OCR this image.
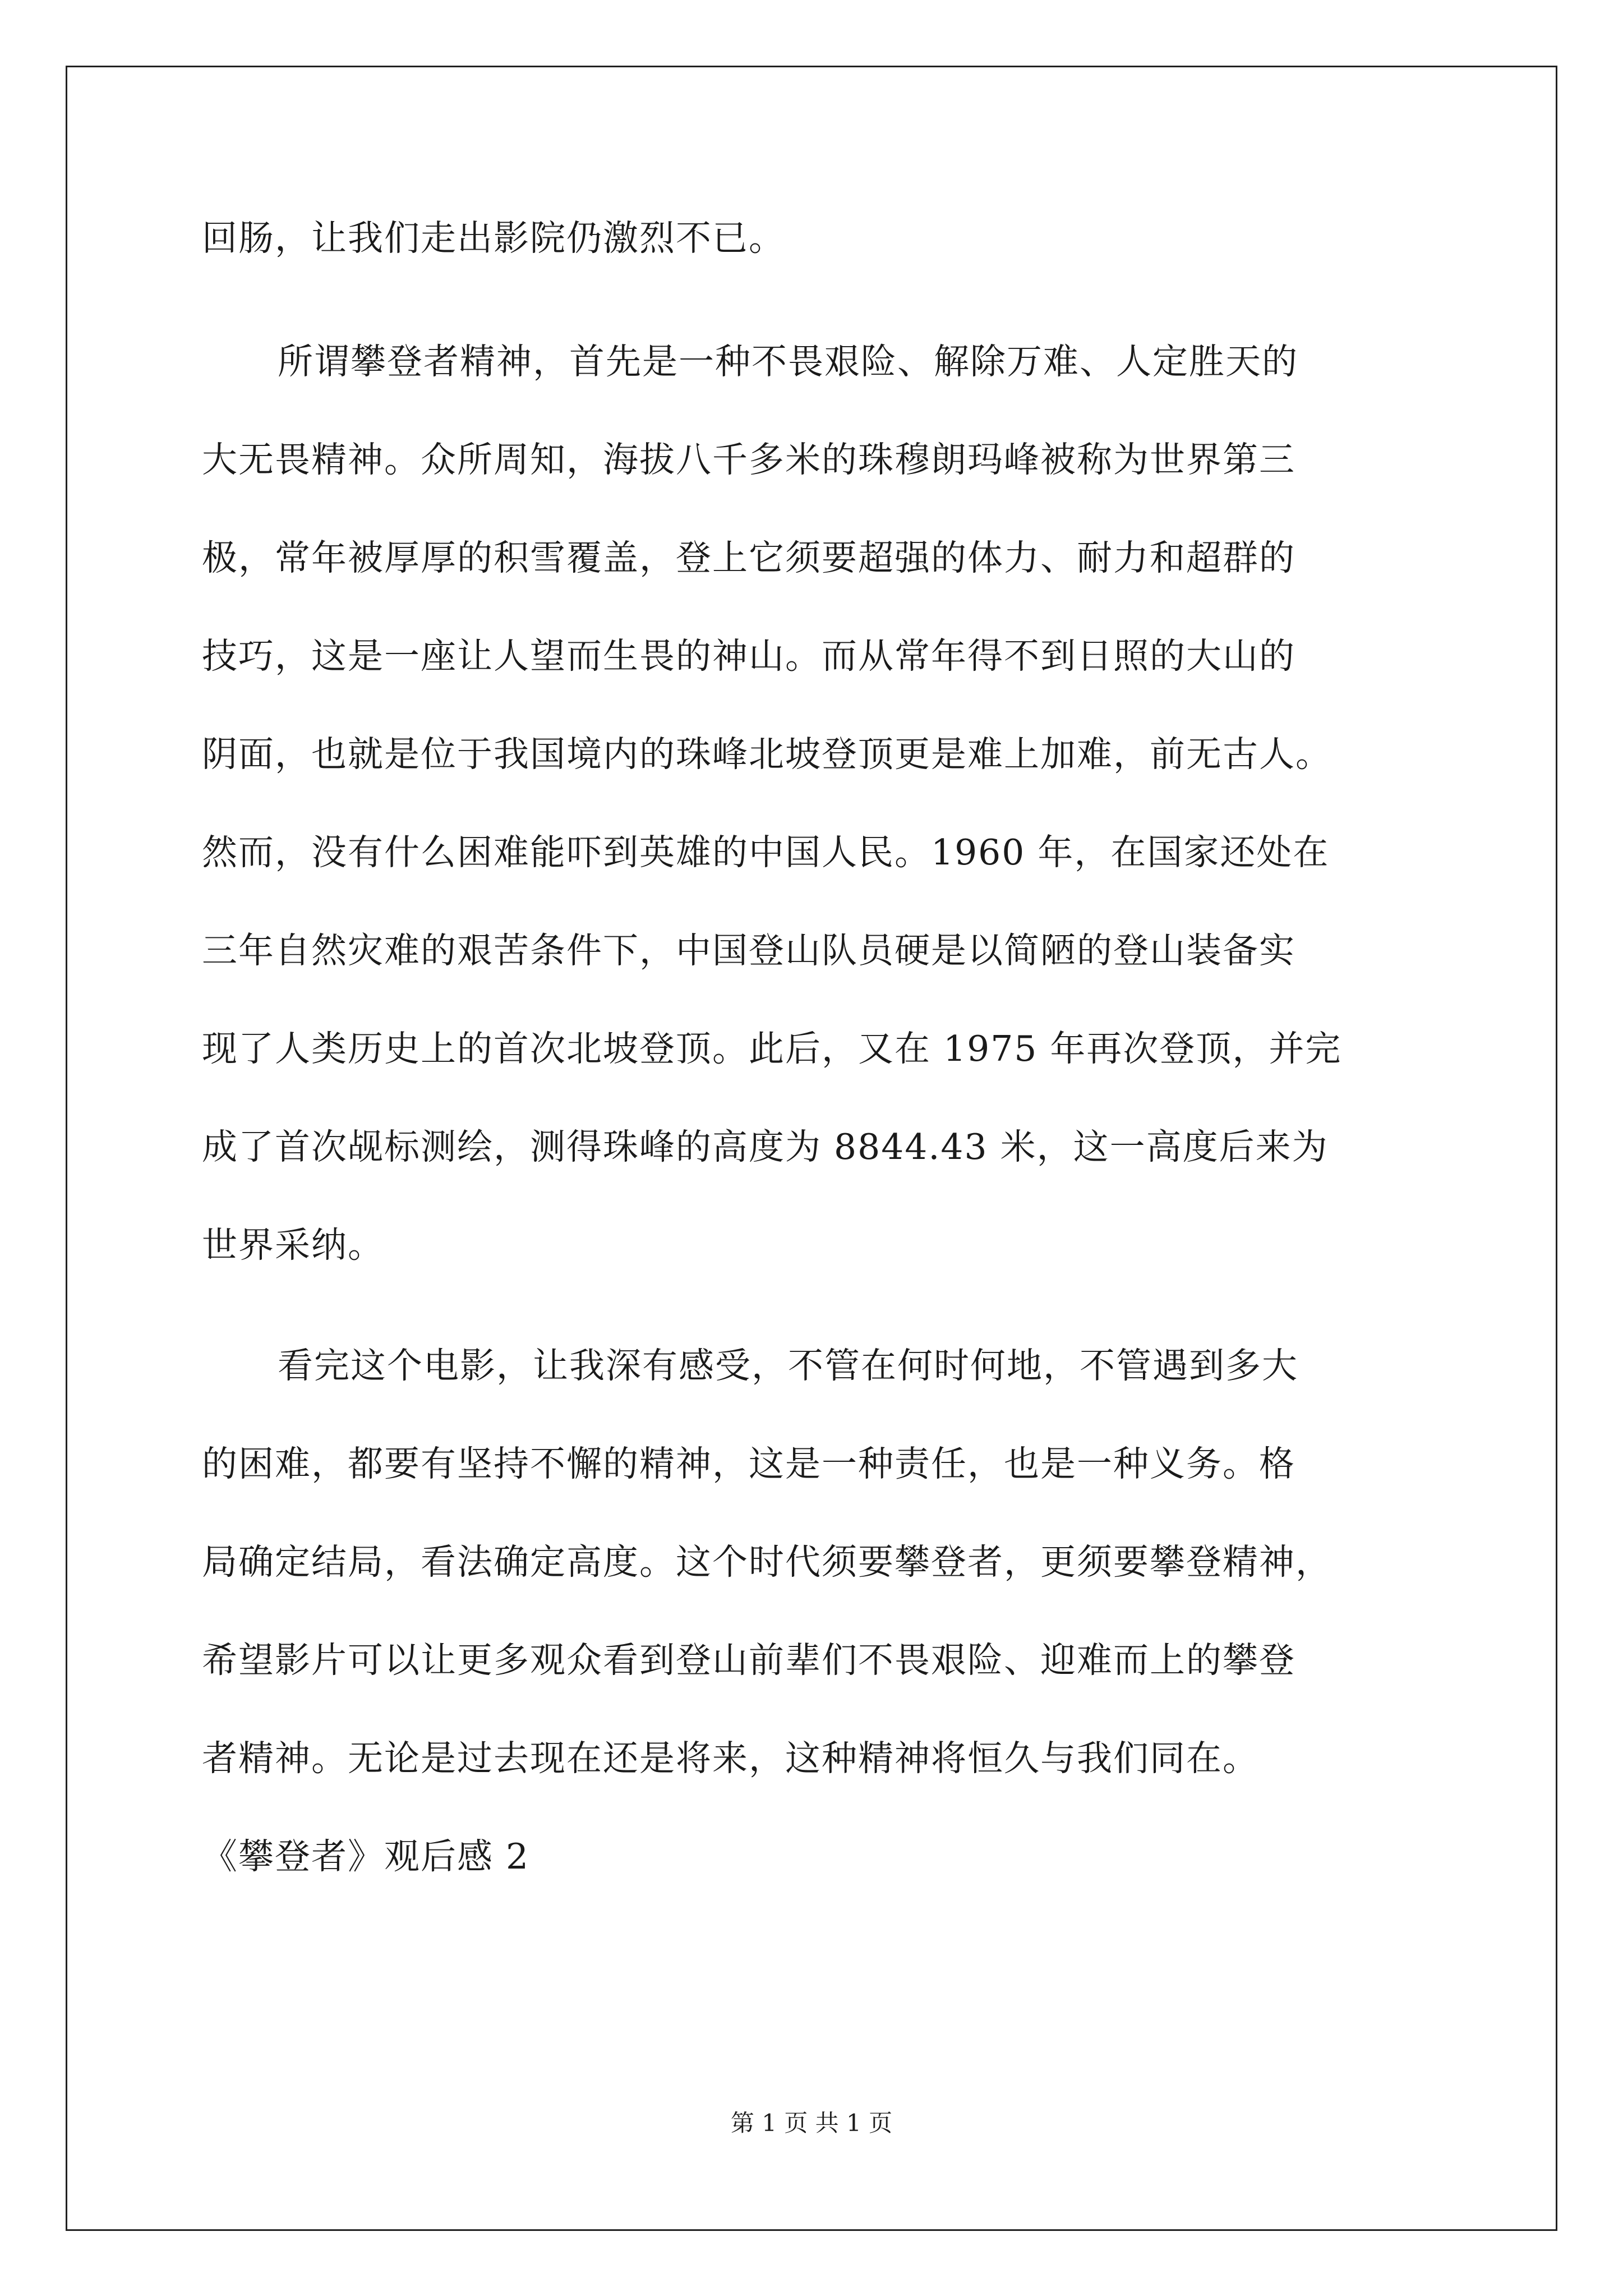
回肠，让我们走出影院仍激烈不已。
所谓攀登者精神，首先是一种不畏艰险、解除万难、人定胜天的
大无畏精神。众所周知，海拔八千多米的珠穆朗玛峰被称为世界第三
极，常年被厚厚的积雪覆盖，登上它须要超强的体力、耐力和超群的
技巧，这是一座让人望而生畏的神山。而从常年得不到日照的大山的
阴面，也就是位于我国境内的珠峰北坡登顶更是难上加难，前无古人。
然而，没有什么困难能吓到英雄的中国人民。1960 年，在国家还处在
三年自然灾难的艰苦条件下，中国登山队员硬是以简陋的登山装备实
现了人类历史上的首次北坡登顶。此后，又在 1975 年再次登顶，并完
成了首次觇标测绘，测得珠峰的高度为 8844.43 米，这一高度后来为
世界采纳。
看完这个电影，让我深有感受，不管在何时何地，不管遇到多大
的困难，都要有坚持不懈的精神，这是一种责任，也是一种义务。格
局确定结局，看法确定高度。这个时代须要攀登者，更须要攀登精神，
希望影片可以让更多观众看到登山前辈们不畏艰险、迎难而上的攀登
者精神。无论是过去现在还是将来，这种精神将恒久与我们同在。
《攀登者》观后感 2
第 1 页 共 1 页
